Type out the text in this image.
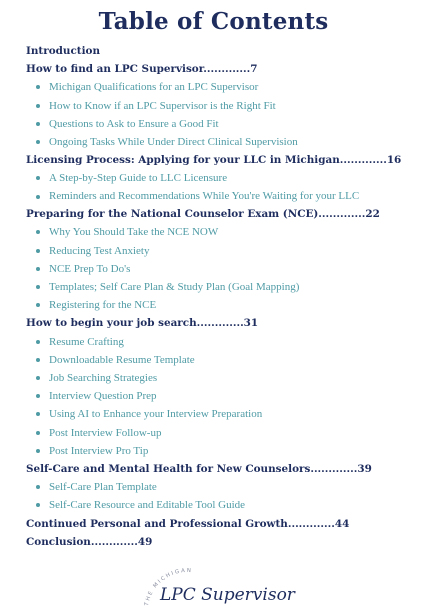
Table of Contents
Introduction
How to find an LPC Supervisor.............7
Michigan Qualifications for an LPC Supervisor
How to Know if an LPC Supervisor is the Right Fit
Questions to Ask to Ensure a Good Fit
Ongoing Tasks While Under Direct Clinical Supervision
Licensing Process: Applying for your LLC in Michigan.............16
A Step-by-Step Guide to LLC Licensure
Reminders and Recommendations While You're Waiting for your LLC
Preparing for the National Counselor Exam (NCE).............22
Why You Should Take the NCE NOW
Reducing Test Anxiety
NCE Prep To Do's
Templates; Self Care Plan & Study Plan (Goal Mapping)
Registering for the NCE
How to begin your job search.............31
Resume Crafting
Downloadable Resume Template
Job Searching Strategies
Interview Question Prep
Using AI to Enhance your Interview Preparation
Post Interview Follow-up
Post Interview Pro Tip
Self-Care and Mental Health for New Counselors.............39
Self-Care Plan Template
Self-Care Resource and Editable Tool Guide
Continued Personal and Professional Growth.............44
Conclusion.............49
THE MICHIGAN
LPC Supervisor
